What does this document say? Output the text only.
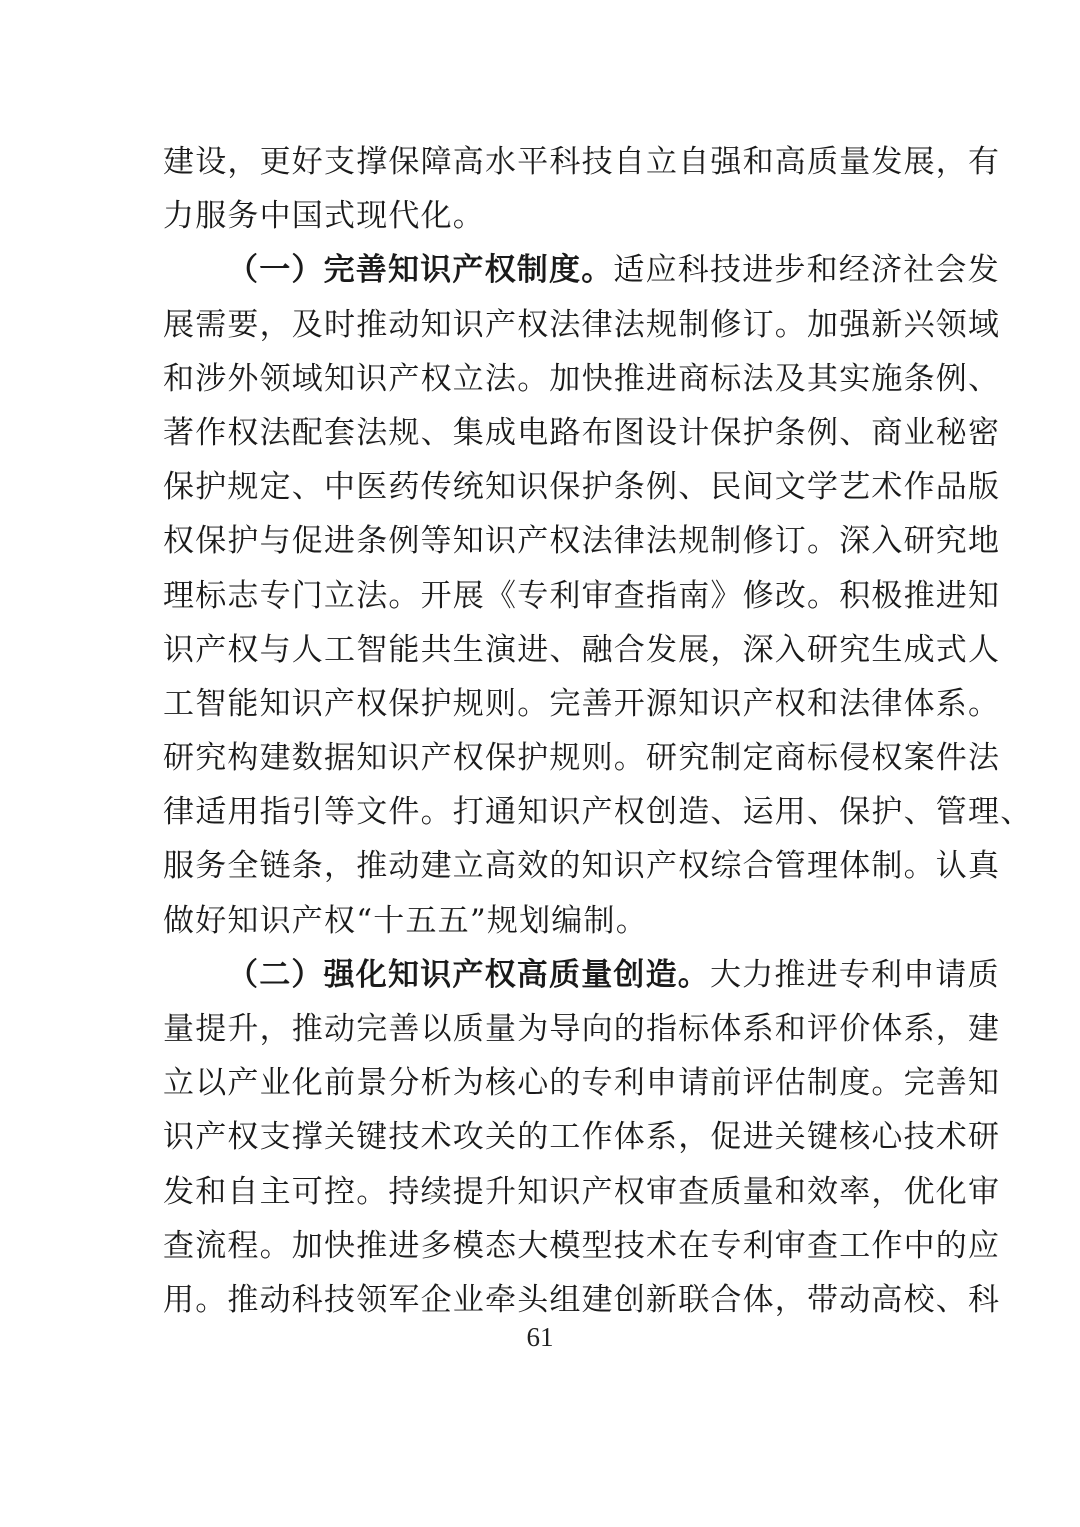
建设，更好支撑保障高水平科技自立自强和高质量发展，有
力服务中国式现代化。
（一）完善知识产权制度。适应科技进步和经济社会发
展需要，及时推动知识产权法律法规制修订。加强新兴领域
和涉外领域知识产权立法。加快推进商标法及其实施条例、
著作权法配套法规、集成电路布图设计保护条例、商业秘密
保护规定、中医药传统知识保护条例、民间文学艺术作品版
权保护与促进条例等知识产权法律法规制修订。深入研究地
理标志专门立法。开展《专利审查指南》修改。积极推进知
识产权与人工智能共生演进、融合发展，深入研究生成式人
工智能知识产权保护规则。完善开源知识产权和法律体系。
研究构建数据知识产权保护规则。研究制定商标侵权案件法
律适用指引等文件。打通知识产权创造、运用、保护、管理、
服务全链条，推动建立高效的知识产权综合管理体制。认真
做好知识产权“十五五”规划编制。
（二）强化知识产权高质量创造。大力推进专利申请质
量提升，推动完善以质量为导向的指标体系和评价体系，建
立以产业化前景分析为核心的专利申请前评估制度。完善知
识产权支撑关键技术攻关的工作体系，促进关键核心技术研
发和自主可控。持续提升知识产权审查质量和效率，优化审
查流程。加快推进多模态大模型技术在专利审查工作中的应
用。推动科技领军企业牵头组建创新联合体，带动高校、科
61
